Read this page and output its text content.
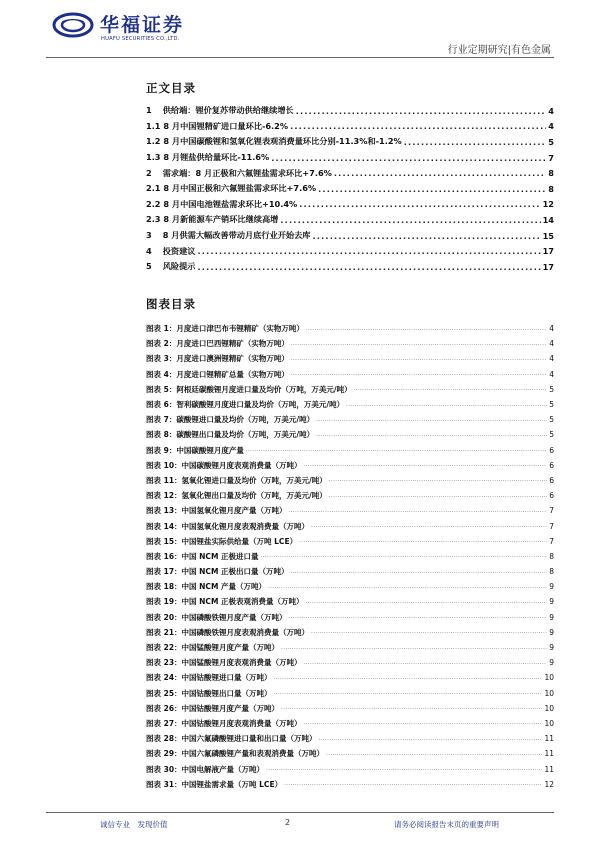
华福证券
HUAFU SECURITIES CO.,LTD.
行业定期研究|有色金属
正文目录
1　 供给端：锂价复苏带动供给继续增长 .....	4
1.1 8 月中国锂精矿进口量环比-6.2% .....	4
1.2 8 月中国碳酸锂和氢氧化锂表观消费量环比分别-11.3%和-1.2% .....	5
1.3 8 月锂盐供给量环比-11.6% .....	7
2　 需求端：8 月正极和六氟锂盐需求环比+7.6% .....	8
2.1 8 月中国正极和六氟锂盐需求环比+7.6% .....	8
2.2 8 月中国电池锂盐需求环比+10.4% .....	12
2.3 8 月新能源车产销环比继续高增 .....	14
3　 8 月供需大幅改善带动月底行业开始去库 .....	15
4　 投资建议 .....	17
5　 风险提示 .....	17
图表目录
图表 1：月度进口津巴布韦锂精矿（实物万吨） .....	4
图表 2：月度进口巴西锂精矿（实物万吨） .....	4
图表 3：月度进口澳洲锂精矿（实物万吨） .....	4
图表 4：月度进口锂精矿总量（实物万吨） .....	4
图表 5：阿根廷碳酸锂月度进口量及均价（万吨，万美元/吨） .....	5
图表 6：智利碳酸锂月度进口量及均价（万吨，万美元/吨） .....	5
图表 7：碳酸锂进口量及均价（万吨，万美元/吨） .....	5
图表 8：碳酸锂出口量及均价（万吨，万美元/吨） .....	5
图表 9：中国碳酸锂月度产量 .....	6
图表 10：中国碳酸锂月度表观消费量（万吨） .....	6
图表 11：氢氧化锂进口量及均价（万吨，万美元/吨） .....	6
图表 12：氢氧化锂出口量及均价（万吨，万美元/吨） .....	6
图表 13：中国氢氧化锂月度产量（万吨） .....	7
图表 14：中国氢氧化锂月度表观消费量（万吨） .....	7
图表 15：中国锂盐实际供给量（万吨 LCE） .....	7
图表 16：中国 NCM 正极进口量 .....	8
图表 17：中国 NCM 正极出口量（万吨） .....	8
图表 18：中国 NCM 产量（万吨） .....	9
图表 19：中国 NCM 正极表观消费量（万吨） .....	9
图表 20：中国磷酸铁锂月度产量（万吨） .....	9
图表 21：中国磷酸铁锂月度表观消费量（万吨） .....	9
图表 22：中国锰酸锂月度产量（万吨） .....	9
图表 23：中国锰酸锂月度表观消费量（万吨） .....	9
图表 24：中国钴酸锂进口量（万吨） .....	10
图表 25：中国钴酸锂出口量（万吨） .....	10
图表 26：中国钴酸锂月度产量（万吨） .....	10
图表 27：中国钴酸锂月度表观消费量（万吨） .....	10
图表 28：中国六氟磷酸锂进口量和出口量（万吨） .....	11
图表 29：中国六氟磷酸锂产量和表观消费量（万吨） .....	11
图表 30：中国电解液产量（万吨） .....	11
图表 31：中国锂盐需求量（万吨 LCE） .....	12
诚信专业　发现价值	2	请务必阅读报告末页的重要声明
